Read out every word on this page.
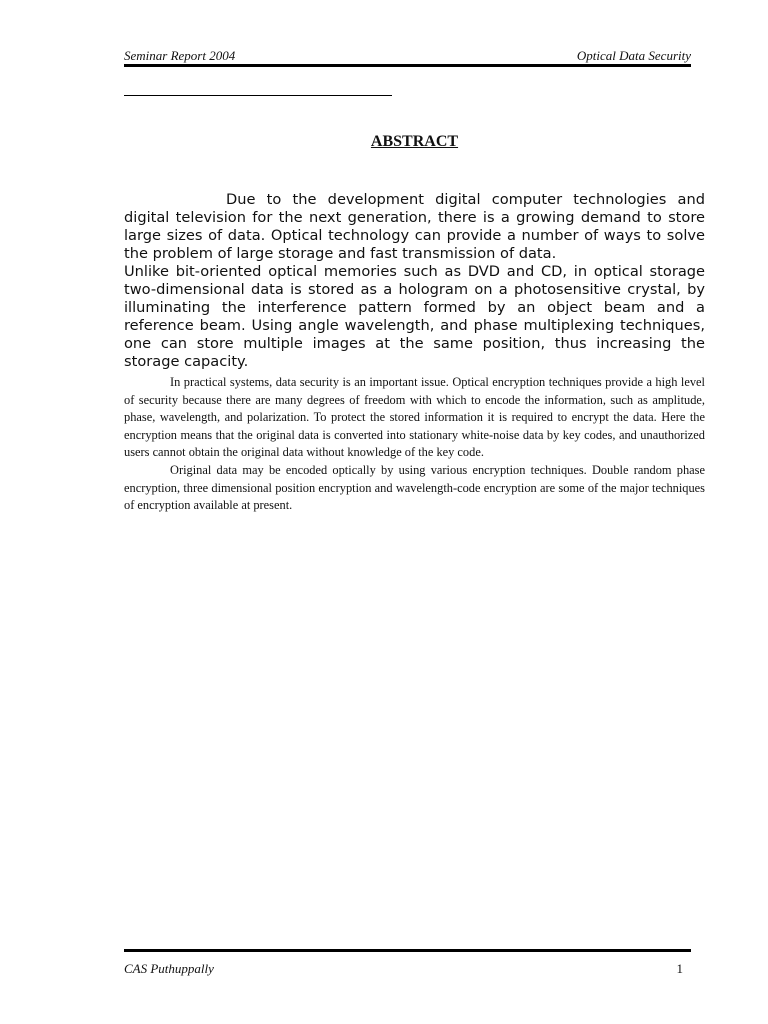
Seminar Report 2004	Optical Data Security
ABSTRACT

Due to the development digital computer technologies and digital television for the next generation, there is a growing demand to store large sizes of data. Optical technology can provide a number of ways to solve the problem of large storage and fast transmission of data.

Unlike bit-oriented optical memories such as DVD and CD, in optical storage two-dimensional data is stored as a hologram on a photosensitive crystal, by illuminating the interference pattern formed by an object beam and a reference beam. Using angle wavelength, and phase multiplexing techniques, one can store multiple images at the same position, thus increasing the storage capacity.

In practical systems, data security is an important issue. Optical encryption techniques provide a high level of security because there are many degrees of freedom with which to encode the information, such as amplitude, phase, wavelength, and polarization. To protect the stored information it is required to encrypt the data. Here the encryption means that the original data is converted into stationary white-noise data by key codes, and unauthorized users cannot obtain the original data without knowledge of the key code.

Original data may be encoded optically by using various encryption techniques. Double random phase encryption, three dimensional position encryption and wavelength-code encryption are some of the major techniques of encryption available at present.

CAS Puthuppally	1
